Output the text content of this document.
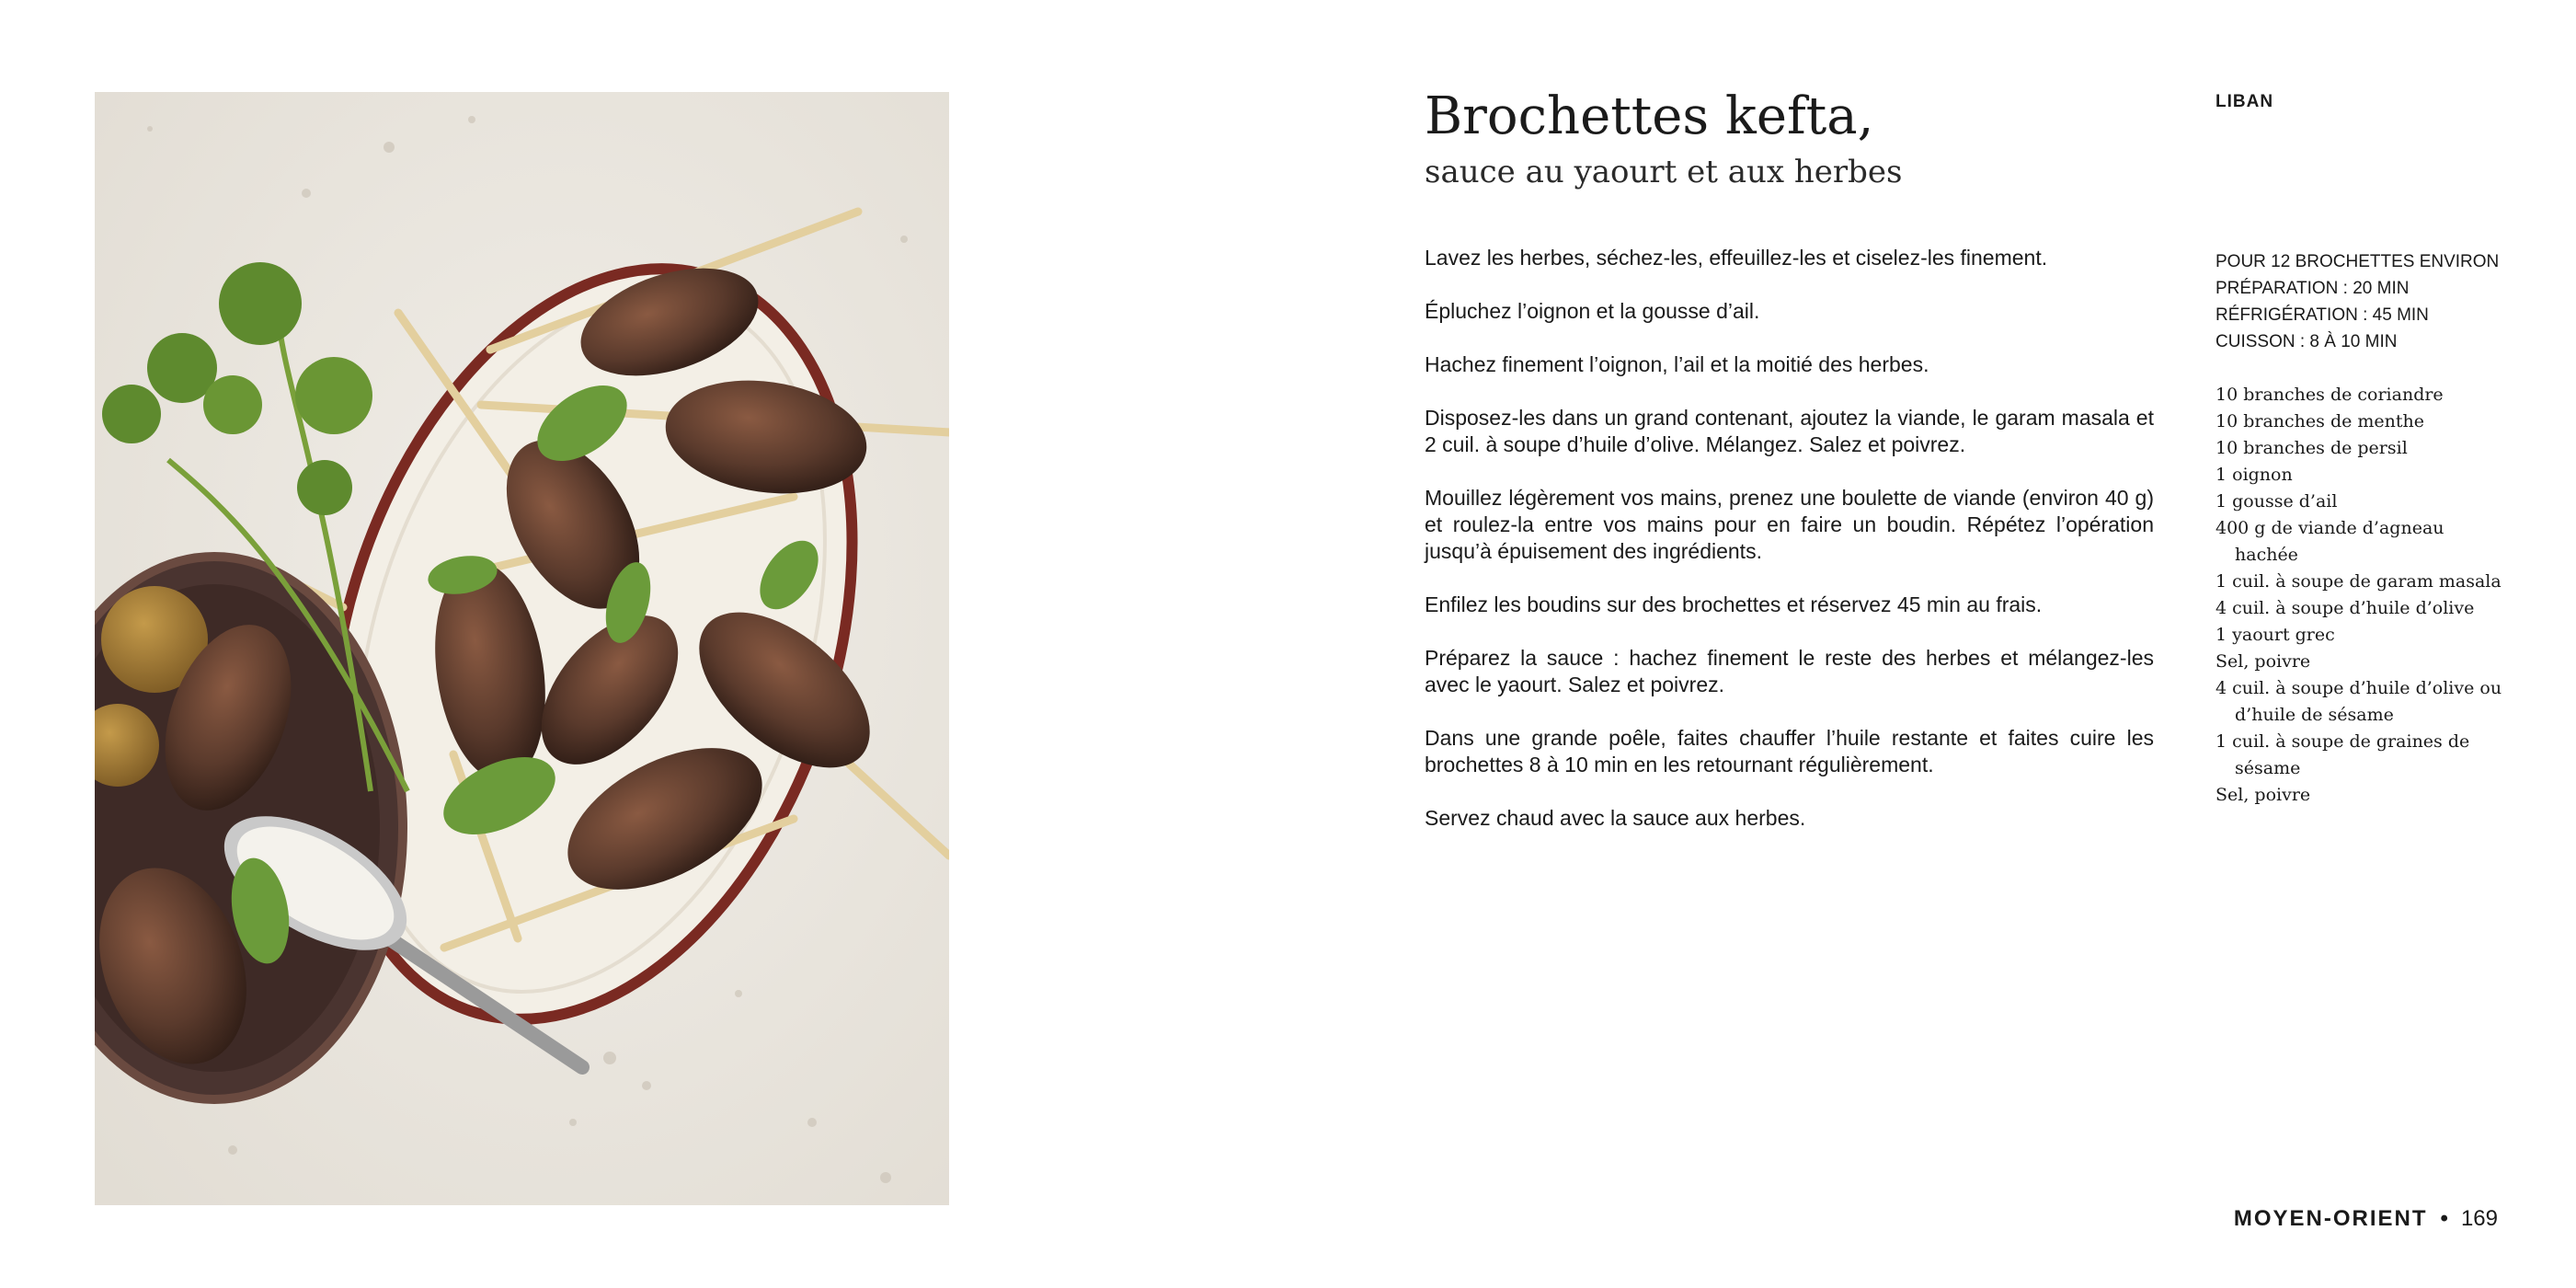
Brochettes kefta,
sauce au yaourt et aux herbes
LIBAN

Lavez les herbes, séchez-les, effeuillez-les et ciselez-les finement.

Épluchez l’oignon et la gousse d’ail.

Hachez finement l’oignon, l’ail et la moitié des herbes.

Disposez-les dans un grand contenant, ajoutez la viande, le garam masala et 2 cuil. à soupe d’huile d’olive. Mélangez. Salez et poivrez.

Mouillez légèrement vos mains, prenez une boulette de viande (environ 40 g) et roulez-la entre vos mains pour en faire un boudin. Répétez l’opération jusqu’à épuisement des ingrédients.

Enfilez les boudins sur des brochettes et réservez 45 min au frais.

Préparez la sauce : hachez finement le reste des herbes et mélangez-les avec le yaourt. Salez et poivrez.

Dans une grande poêle, faites chauffer l’huile restante et faites cuire les brochettes 8 à 10 min en les retournant régulièrement.

Servez chaud avec la sauce aux herbes.

POUR 12 BROCHETTES ENVIRON
PRÉPARATION : 20 MIN
RÉFRIGÉRATION : 45 MIN
CUISSON : 8 À 10 MIN
10 branches de coriandre
10 branches de menthe
10 branches de persil
1 oignon
1 gousse d’ail
400 g de viande d’agneau hachée
1 cuil. à soupe de garam masala
4 cuil. à soupe d’huile d’olive
1 yaourt grec
Sel, poivre
4 cuil. à soupe d’huile d’olive ou d’huile de sésame
1 cuil. à soupe de graines de sésame
Sel, poivre
MOYEN-ORIENT • 169
